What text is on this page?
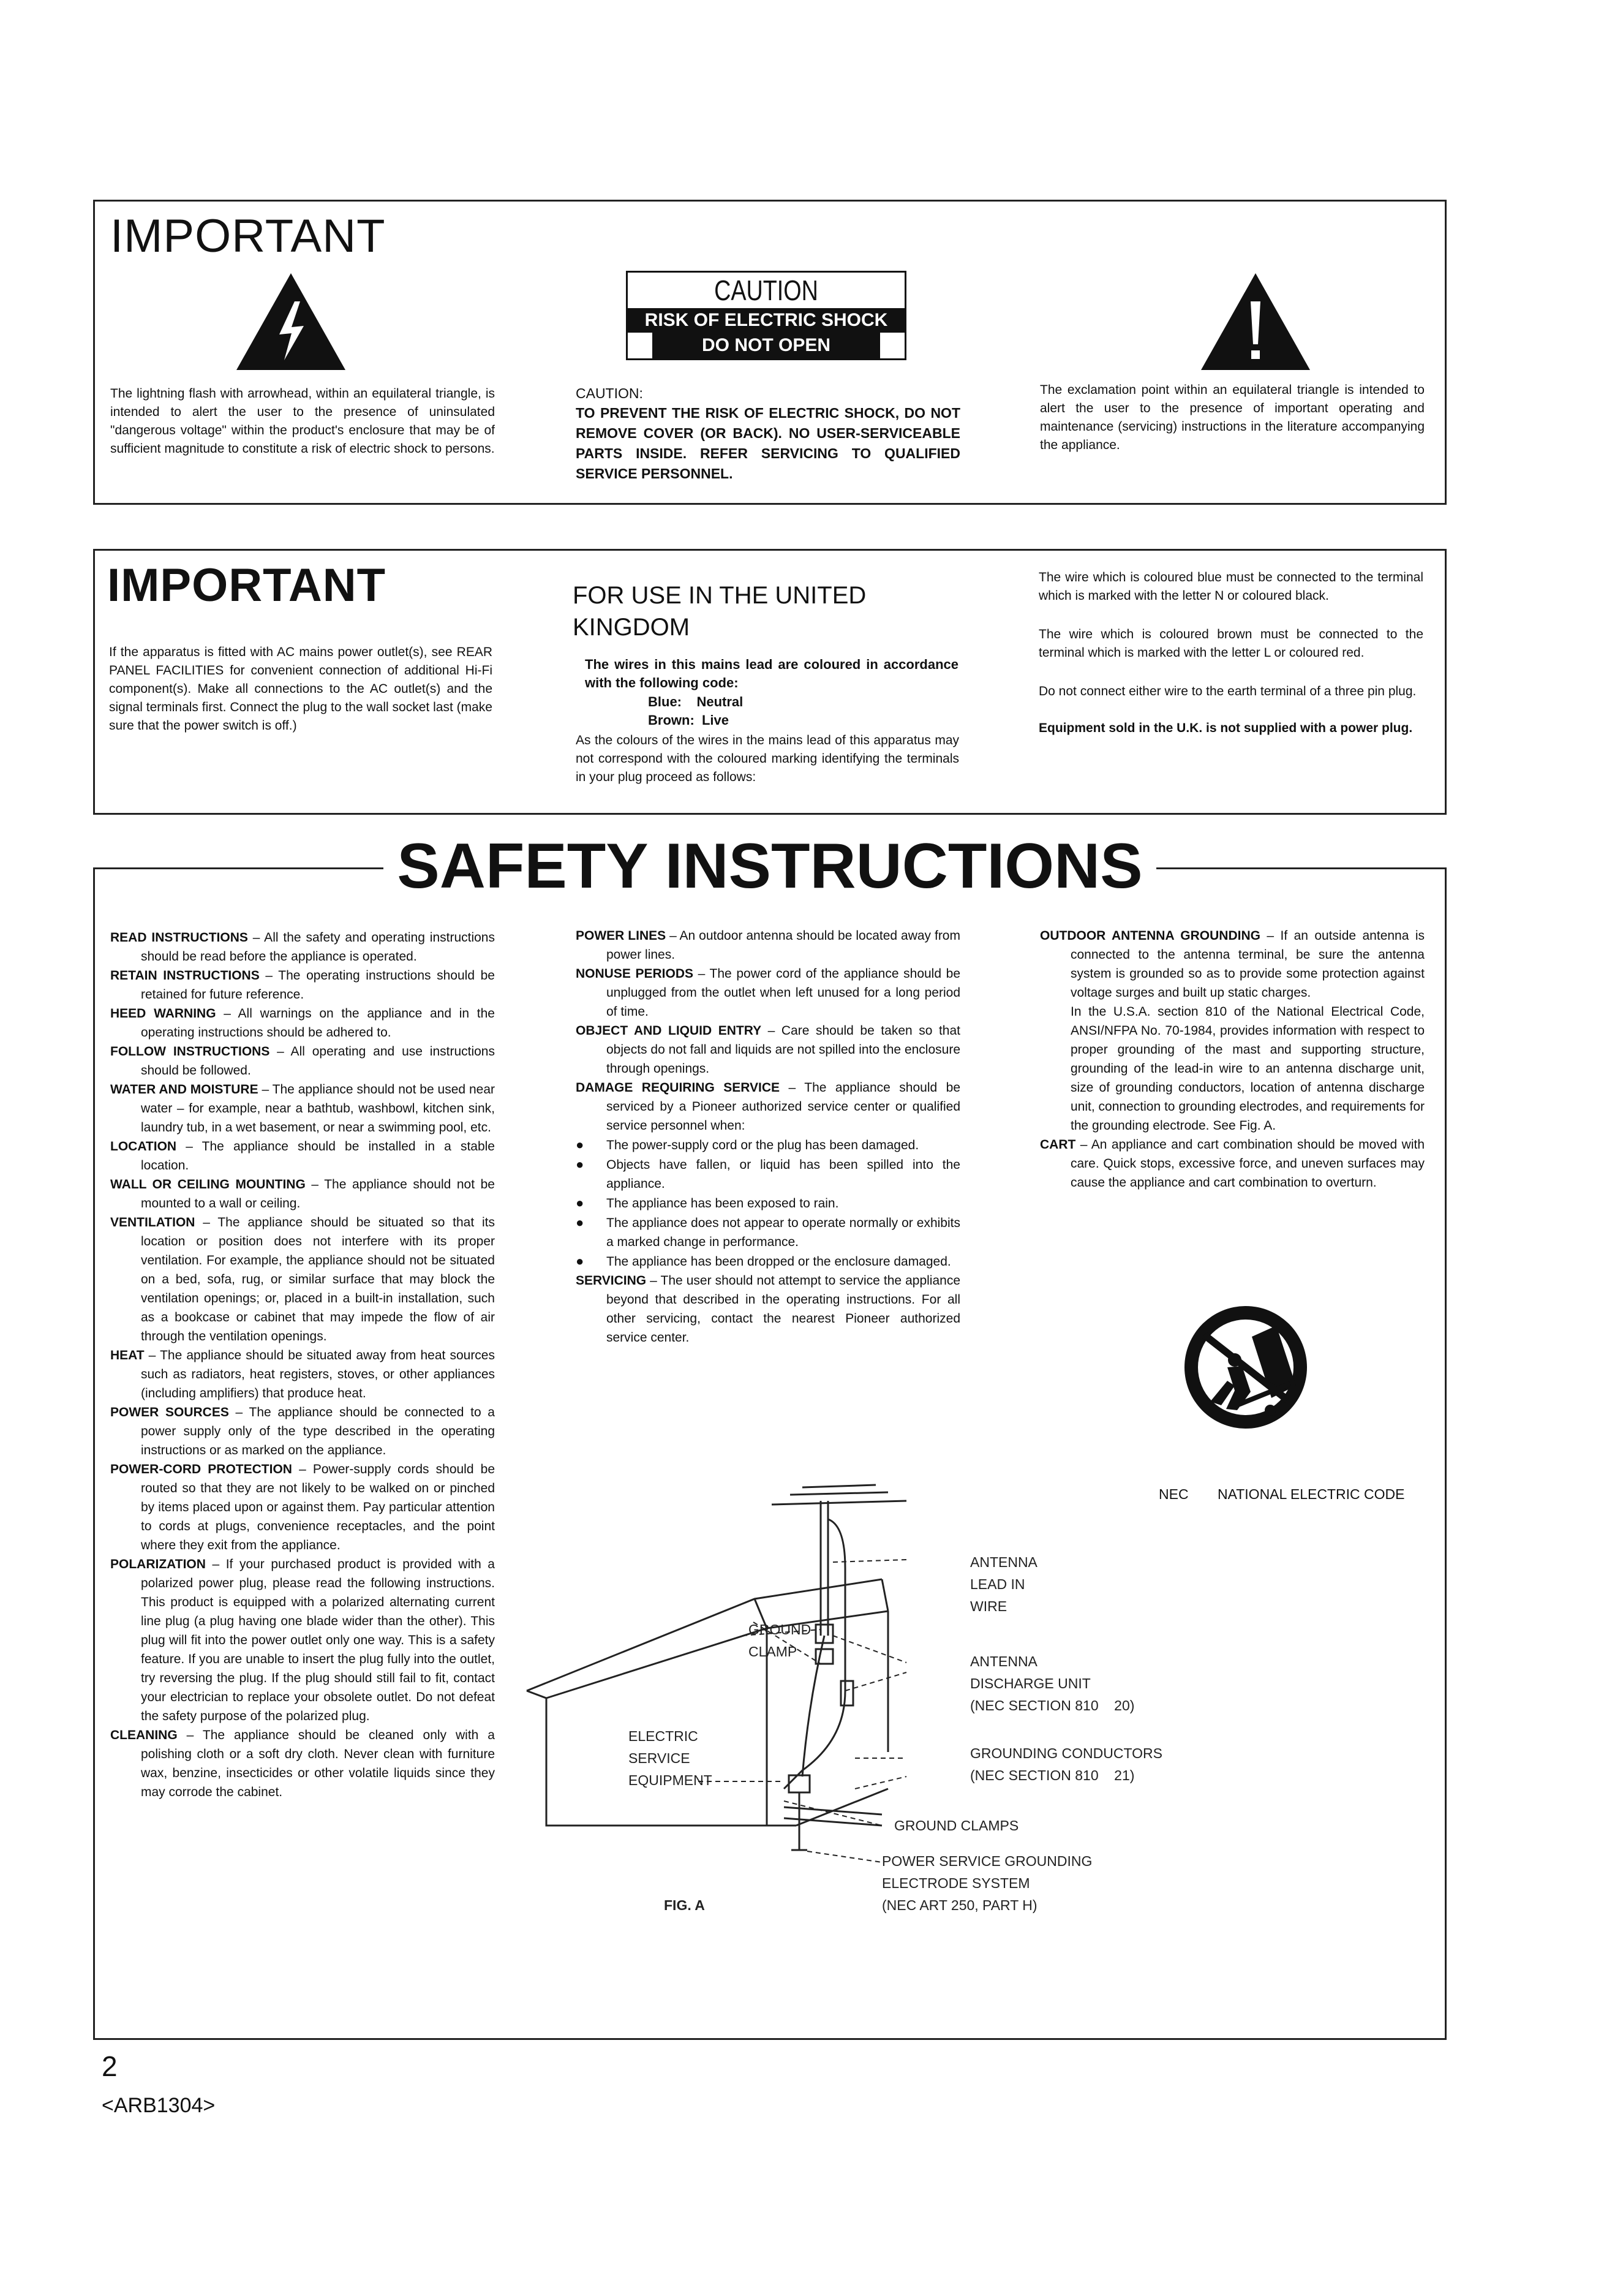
IMPORTANT
The lightning flash with arrowhead, within an equilateral triangle, is intended to alert the user to the presence of uninsulated "dangerous voltage" within the product's enclosure that may be of sufficient magnitude to constitute a risk of electric shock to persons.
CAUTION
RISK OF ELECTRIC SHOCK
DO NOT OPEN
CAUTION:
TO PREVENT THE RISK OF ELECTRIC SHOCK, DO NOT REMOVE COVER (OR BACK). NO USER-SERVICEABLE PARTS INSIDE. REFER SERVICING TO QUALIFIED SERVICE PERSONNEL.
The exclamation point within an equilateral triangle is intended to alert the user to the presence of important operating and maintenance (servicing) instructions in the literature accompanying the appliance.
IMPORTANT
If the apparatus is fitted with AC mains power outlet(s), see REAR PANEL FACILITIES for convenient connection of additional Hi-Fi component(s). Make all connections to the AC outlet(s) and the signal terminals first. Connect the plug to the wall socket last (make sure that the power switch is off.)
FOR USE IN THE UNITED KINGDOM
The wires in this mains lead are coloured in accordance with the following code:
Blue:    Neutral
Brown:  Live
As the colours of the wires in the mains lead of this apparatus may not correspond with the coloured marking identifying the terminals in your plug proceed as follows:
The wire which is coloured blue must be connected to the terminal which is marked with the letter N or coloured black.
The wire which is coloured brown must be connected to the terminal which is marked with the letter L or coloured red.
Do not connect either wire to the earth terminal of a three pin plug.
Equipment sold in the U.K. is not supplied with a power plug.
SAFETY INSTRUCTIONS

READ INSTRUCTIONS – All the safety and operating instructions should be read before the appliance is operated.

RETAIN INSTRUCTIONS – The operating instructions should be retained for future reference.

HEED WARNING – All warnings on the appliance and in the operating instructions should be adhered to.

FOLLOW INSTRUCTIONS – All operating and use instructions should be followed.

WATER AND MOISTURE – The appliance should not be used near water – for example, near a bathtub, washbowl, kitchen sink, laundry tub, in a wet basement, or near a swimming pool, etc.

LOCATION – The appliance should be installed in a stable location.

WALL OR CEILING MOUNTING – The appliance should not be mounted to a wall or ceiling.

VENTILATION – The appliance should be situated so that its location or position does not interfere with its proper ventilation. For example, the appliance should not be situated on a bed, sofa, rug, or similar surface that may block the ventilation openings; or, placed in a built-in installation, such as a bookcase or cabinet that may impede the flow of air through the ventilation openings.

HEAT – The appliance should be situated away from heat sources such as radiators, heat registers, stoves, or other appliances (including amplifiers) that produce heat.

POWER SOURCES – The appliance should be connected to a power supply only of the type described in the operating instructions or as marked on the appliance.

POWER-CORD PROTECTION – Power-supply cords should be routed so that they are not likely to be walked on or pinched by items placed upon or against them. Pay particular attention to cords at plugs, convenience receptacles, and the point where they exit from the appliance.

POLARIZATION – If your purchased product is provided with a polarized power plug, please read the following instructions. This product is equipped with a polarized alternating current line plug (a plug having one blade wider than the other). This plug will fit into the power outlet only one way. This is a safety feature. If you are unable to insert the plug fully into the outlet, try reversing the plug. If the plug should still fail to fit, contact your electrician to replace your obsolete outlet. Do not defeat the safety purpose of the polarized plug.

CLEANING – The appliance should be cleaned only with a polishing cloth or a soft dry cloth. Never clean with furniture wax, benzine, insecticides or other volatile liquids since they may corrode the cabinet.

POWER LINES – An outdoor antenna should be located away from power lines.

NONUSE PERIODS – The power cord of the appliance should be unplugged from the outlet when left unused for a long period of time.

OBJECT AND LIQUID ENTRY – Care should be taken so that objects do not fall and liquids are not spilled into the enclosure through openings.

DAMAGE REQUIRING SERVICE – The appliance should be serviced by a Pioneer authorized service center or qualified service personnel when:

● The power-supply cord or the plug has been damaged.

● Objects have fallen, or liquid has been spilled into the appliance.

● The appliance has been exposed to rain.

● The appliance does not appear to operate normally or exhibits a marked change in performance.

● The appliance has been dropped or the enclosure damaged.

SERVICING – The user should not attempt to service the appliance beyond that described in the operating instructions. For all other servicing, contact the nearest Pioneer authorized service center.

OUTDOOR ANTENNA GROUNDING – If an outside antenna is connected to the antenna terminal, be sure the antenna system is grounded so as to provide some protection against voltage surges and built up static charges.

In the U.S.A. section 810 of the National Electrical Code, ANSI/NFPA No. 70-1984, provides information with respect to proper grounding of the mast and supporting structure, grounding of the lead-in wire to an antenna discharge unit, size of grounding conductors, location of antenna discharge unit, connection to grounding electrodes, and requirements for the grounding electrode. See Fig. A.

CART – An appliance and cart combination should be moved with care. Quick stops, excessive force, and uneven surfaces may cause the appliance and cart combination to overturn.

NEC NATIONAL ELECTRIC CODE
ANTENNA
LEAD IN
WIRE
GROUND
CLAMP
ANTENNA
DISCHARGE UNIT
(NEC SECTION 810    20)
ELECTRIC
SERVICE
EQUIPMENT
GROUNDING CONDUCTORS
(NEC SECTION 810    21)
GROUND CLAMPS
POWER SERVICE GROUNDING
ELECTRODE SYSTEM
(NEC ART 250, PART H)
FIG. A
2
<ARB1304>
